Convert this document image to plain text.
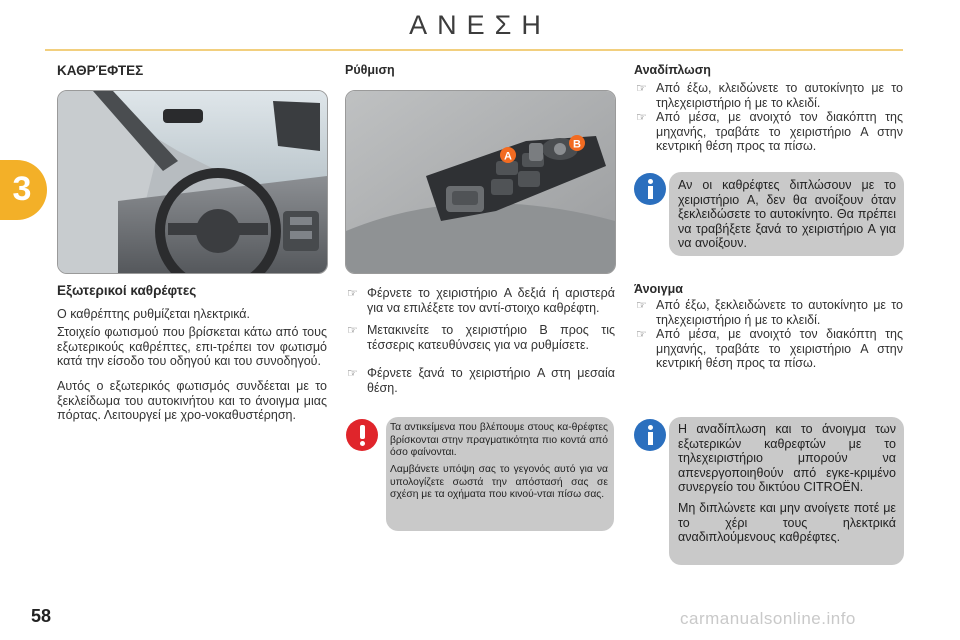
ΑΝΕΣΗ
3
ΚΑΘΡΈΦΤΕΣ
Εξωτερικοί καθρέφτες

Ο καθρέπτης ρυθμίζεται ηλεκτρικά.

Στοιχείο φωτισμού που βρίσκεται κάτω από τους εξωτερικούς καθρέπτες, επι-τρέπει τον φωτισμό κατά την είσοδο του οδηγού και του συνοδηγού.

Αυτός ο εξωτερικός φωτισμός συνδέεται με το ξεκλείδωμα του αυτοκινήτου και το άνοιγμα μιας πόρτας. Λειτουργεί με χρο-νοκαθυστέρηση.

Ρύθμιση
A
B

☞ Φέρνετε το χειριστήριο A δεξιά ή αριστερά για να επιλέξετε τον αντί-στοιχο καθρέφτη.

☞ Μετακινείτε το χειριστήριο B προς τις τέσσερις κατευθύνσεις για να ρυθμίσετε.

☞ Φέρνετε ξανά το χειριστήριο A στη μεσαία θέση.

Τα αντικείμενα που βλέπουμε στους κα-θρέφτες βρίσκονται στην πραγματικότητα πιο κοντά από όσο φαίνονται.

Λαμβάνετε υπόψη σας το γεγονός αυτό για να υπολογίζετε σωστά την απόστασή σας σε σχέση με τα οχήματα που κινού-νται πίσω σας.

Αναδίπλωση

☞ Από έξω, κλειδώνετε το αυτοκίνητο με το τηλεχειριστήριο ή με το κλειδί.

☞ Από μέσα, με ανοιχτό τον διακόπτη της μηχανής, τραβάτε το χειριστήριο A στην κεντρική θέση προς τα πίσω.

Αν οι καθρέφτες διπλώσουν με το χειριστήριο A, δεν θα ανοίξουν όταν ξεκλειδώσετε το αυτοκίνητο. Θα πρέπει να τραβήξετε ξανά το χειριστήριο A για να ανοίξουν.

Άνοιγμα

☞ Από έξω, ξεκλειδώνετε το αυτοκίνητο με το τηλεχειριστήριο ή με το κλειδί.

☞ Από μέσα, με ανοιχτό τον διακόπτη της μηχανής, τραβάτε το χειριστήριο A στην κεντρική θέση προς τα πίσω.

Η αναδίπλωση και το άνοιγμα των εξωτερικών καθρεφτών με το τηλεχειριστήριο μπορούν να απενεργοποιηθούν από εγκε-κριμένο συνεργείο του δικτύου CITROËN.

Μη διπλώνετε και μην ανοίγετε ποτέ με το χέρι τους ηλεκτρικά αναδιπλούμενους καθρέφτες.

58	carmanualsonline.info
